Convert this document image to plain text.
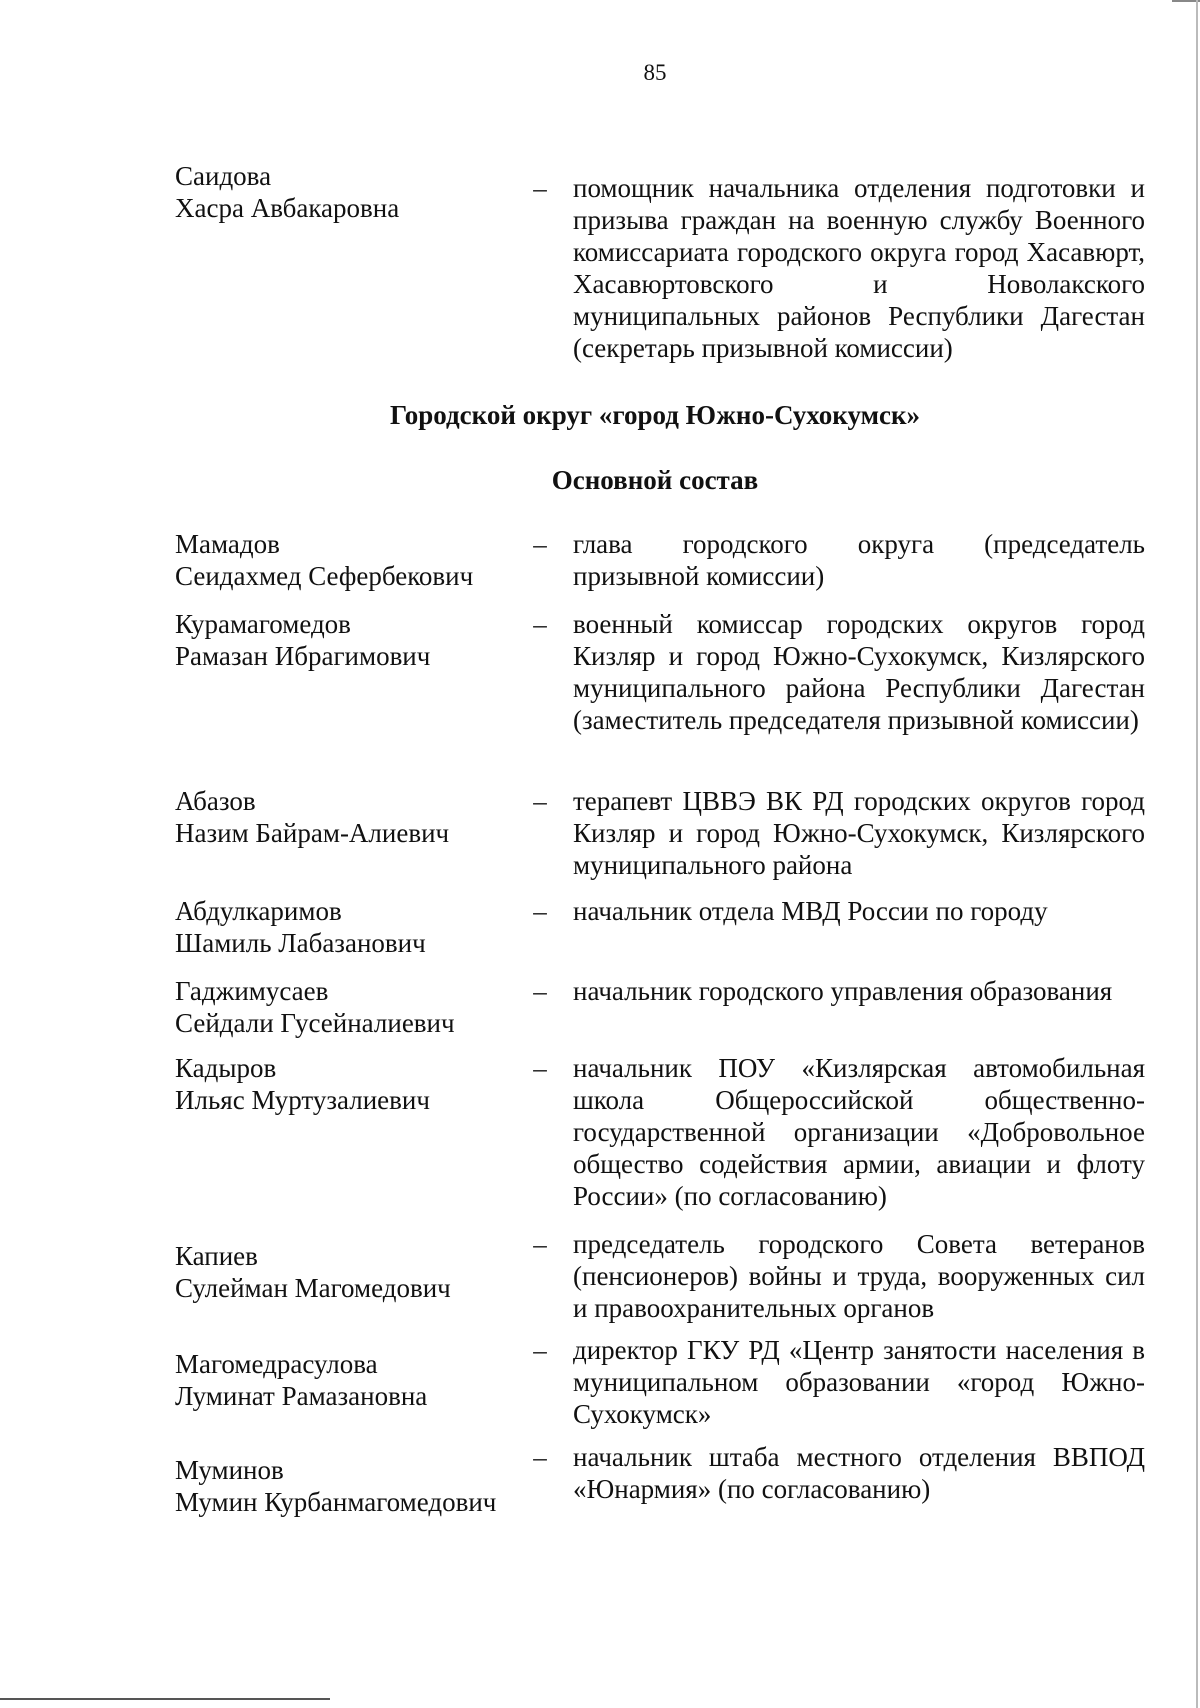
85
Саидова
Хасра Авбакаровна
– помощник начальника отделения подготовки и призыва граждан на военную службу Военного комиссариата городского округа город Хасавюрт, Хасавюртовского и Новолакского муниципальных районов Республики Дагестан (секретарь призывной комиссии)
Городской округ «город Южно-Сухокумск»
Основной состав
Мамадов
Сеидахмед Сефербекович
– глава городского округа (председатель призывной комиссии)
Курамагомедов
Рамазан Ибрагимович
– военный комиссар городских округов город Кизляр и город Южно-Сухокумск, Кизлярского муниципального района Республики Дагестан (заместитель председателя призывной комиссии)
Абазов
Назим Байрам-Алиевич
– терапевт ЦВВЭ ВК РД городских округов город Кизляр и город Южно-Сухокумск, Кизлярского муниципального района
Абдулкаримов
Шамиль Лабазанович
– начальник отдела МВД России по городу
Гаджимусаев
Сейдали Гусейналиевич
– начальник городского управления образования
Кадыров
Ильяс Муртузалиевич
– начальник ПОУ «Кизлярская автомобильная школа Общероссийской общественно-государственной организации «Добровольное общество содействия армии, авиации и флоту России» (по согласованию)
Капиев
Сулейман Магомедович
– председатель городского Совета ветеранов (пенсионеров) войны и труда, вооруженных сил и правоохранительных органов
Магомедрасулова
Луминат Рамазановна
– директор ГКУ РД «Центр занятости населения в муниципальном образовании «город Южно-Сухокумск»
Муминов
Мумин Курбанмагомедович
– начальник штаба местного отделения ВВПОД «Юнармия» (по согласованию)
